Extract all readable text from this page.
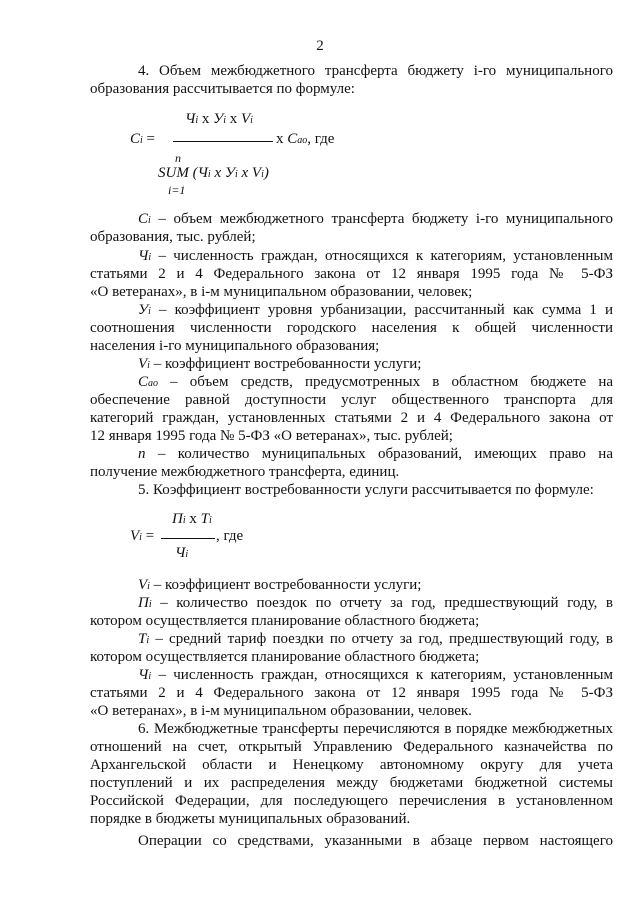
2
4. Объем межбюджетного трансферта бюджету i-го муниципального
образования рассчитывается по формуле:
Чi x Уi x Vi
Ci =	x Cао, где
n
SUM (Чi x Уi x Vi)
i=1
Ci – объем межбюджетного трансферта бюджету i-го муниципального
образования, тыс. рублей;
Чi – численность граждан, относящихся к категориям, установленным
статьями 2 и 4 Федерального закона от 12 января 1995 года № 5-ФЗ
«О ветеранах», в i-м муниципальном образовании, человек;
Уi – коэффициент уровня урбанизации, рассчитанный как сумма 1 и
соотношения численности городского населения к общей численности
населения i-го муниципального образования;
Vi – коэффициент востребованности услуги;
Cао – объем средств, предусмотренных в областном бюджете на
обеспечение равной доступности услуг общественного транспорта для
категорий граждан, установленных статьями 2 и 4 Федерального закона от
12 января 1995 года № 5-ФЗ «О ветеранах», тыс. рублей;
n – количество муниципальных образований, имеющих право на
получение межбюджетного трансферта, единиц.
5. Коэффициент востребованности услуги рассчитывается по формуле:
Пi x Тi
Vi =	, где
Чi
Vi – коэффициент востребованности услуги;
Пi – количество поездок по отчету за год, предшествующий году, в
котором осуществляется планирование областного бюджета;
Тi – средний тариф поездки по отчету за год, предшествующий году, в
котором осуществляется планирование областного бюджета;
Чi – численность граждан, относящихся к категориям, установленным
статьями 2 и 4 Федерального закона от 12 января 1995 года № 5-ФЗ
«О ветеранах», в i-м муниципальном образовании, человек.
6. Межбюджетные трансферты перечисляются в порядке межбюджетных
отношений на счет, открытый Управлению Федерального казначейства по
Архангельской области и Ненецкому автономному округу для учета
поступлений и их распределения между бюджетами бюджетной системы
Российской Федерации, для последующего перечисления в установленном
порядке в бюджеты муниципальных образований.
Операции со средствами, указанными в абзаце первом настоящего
